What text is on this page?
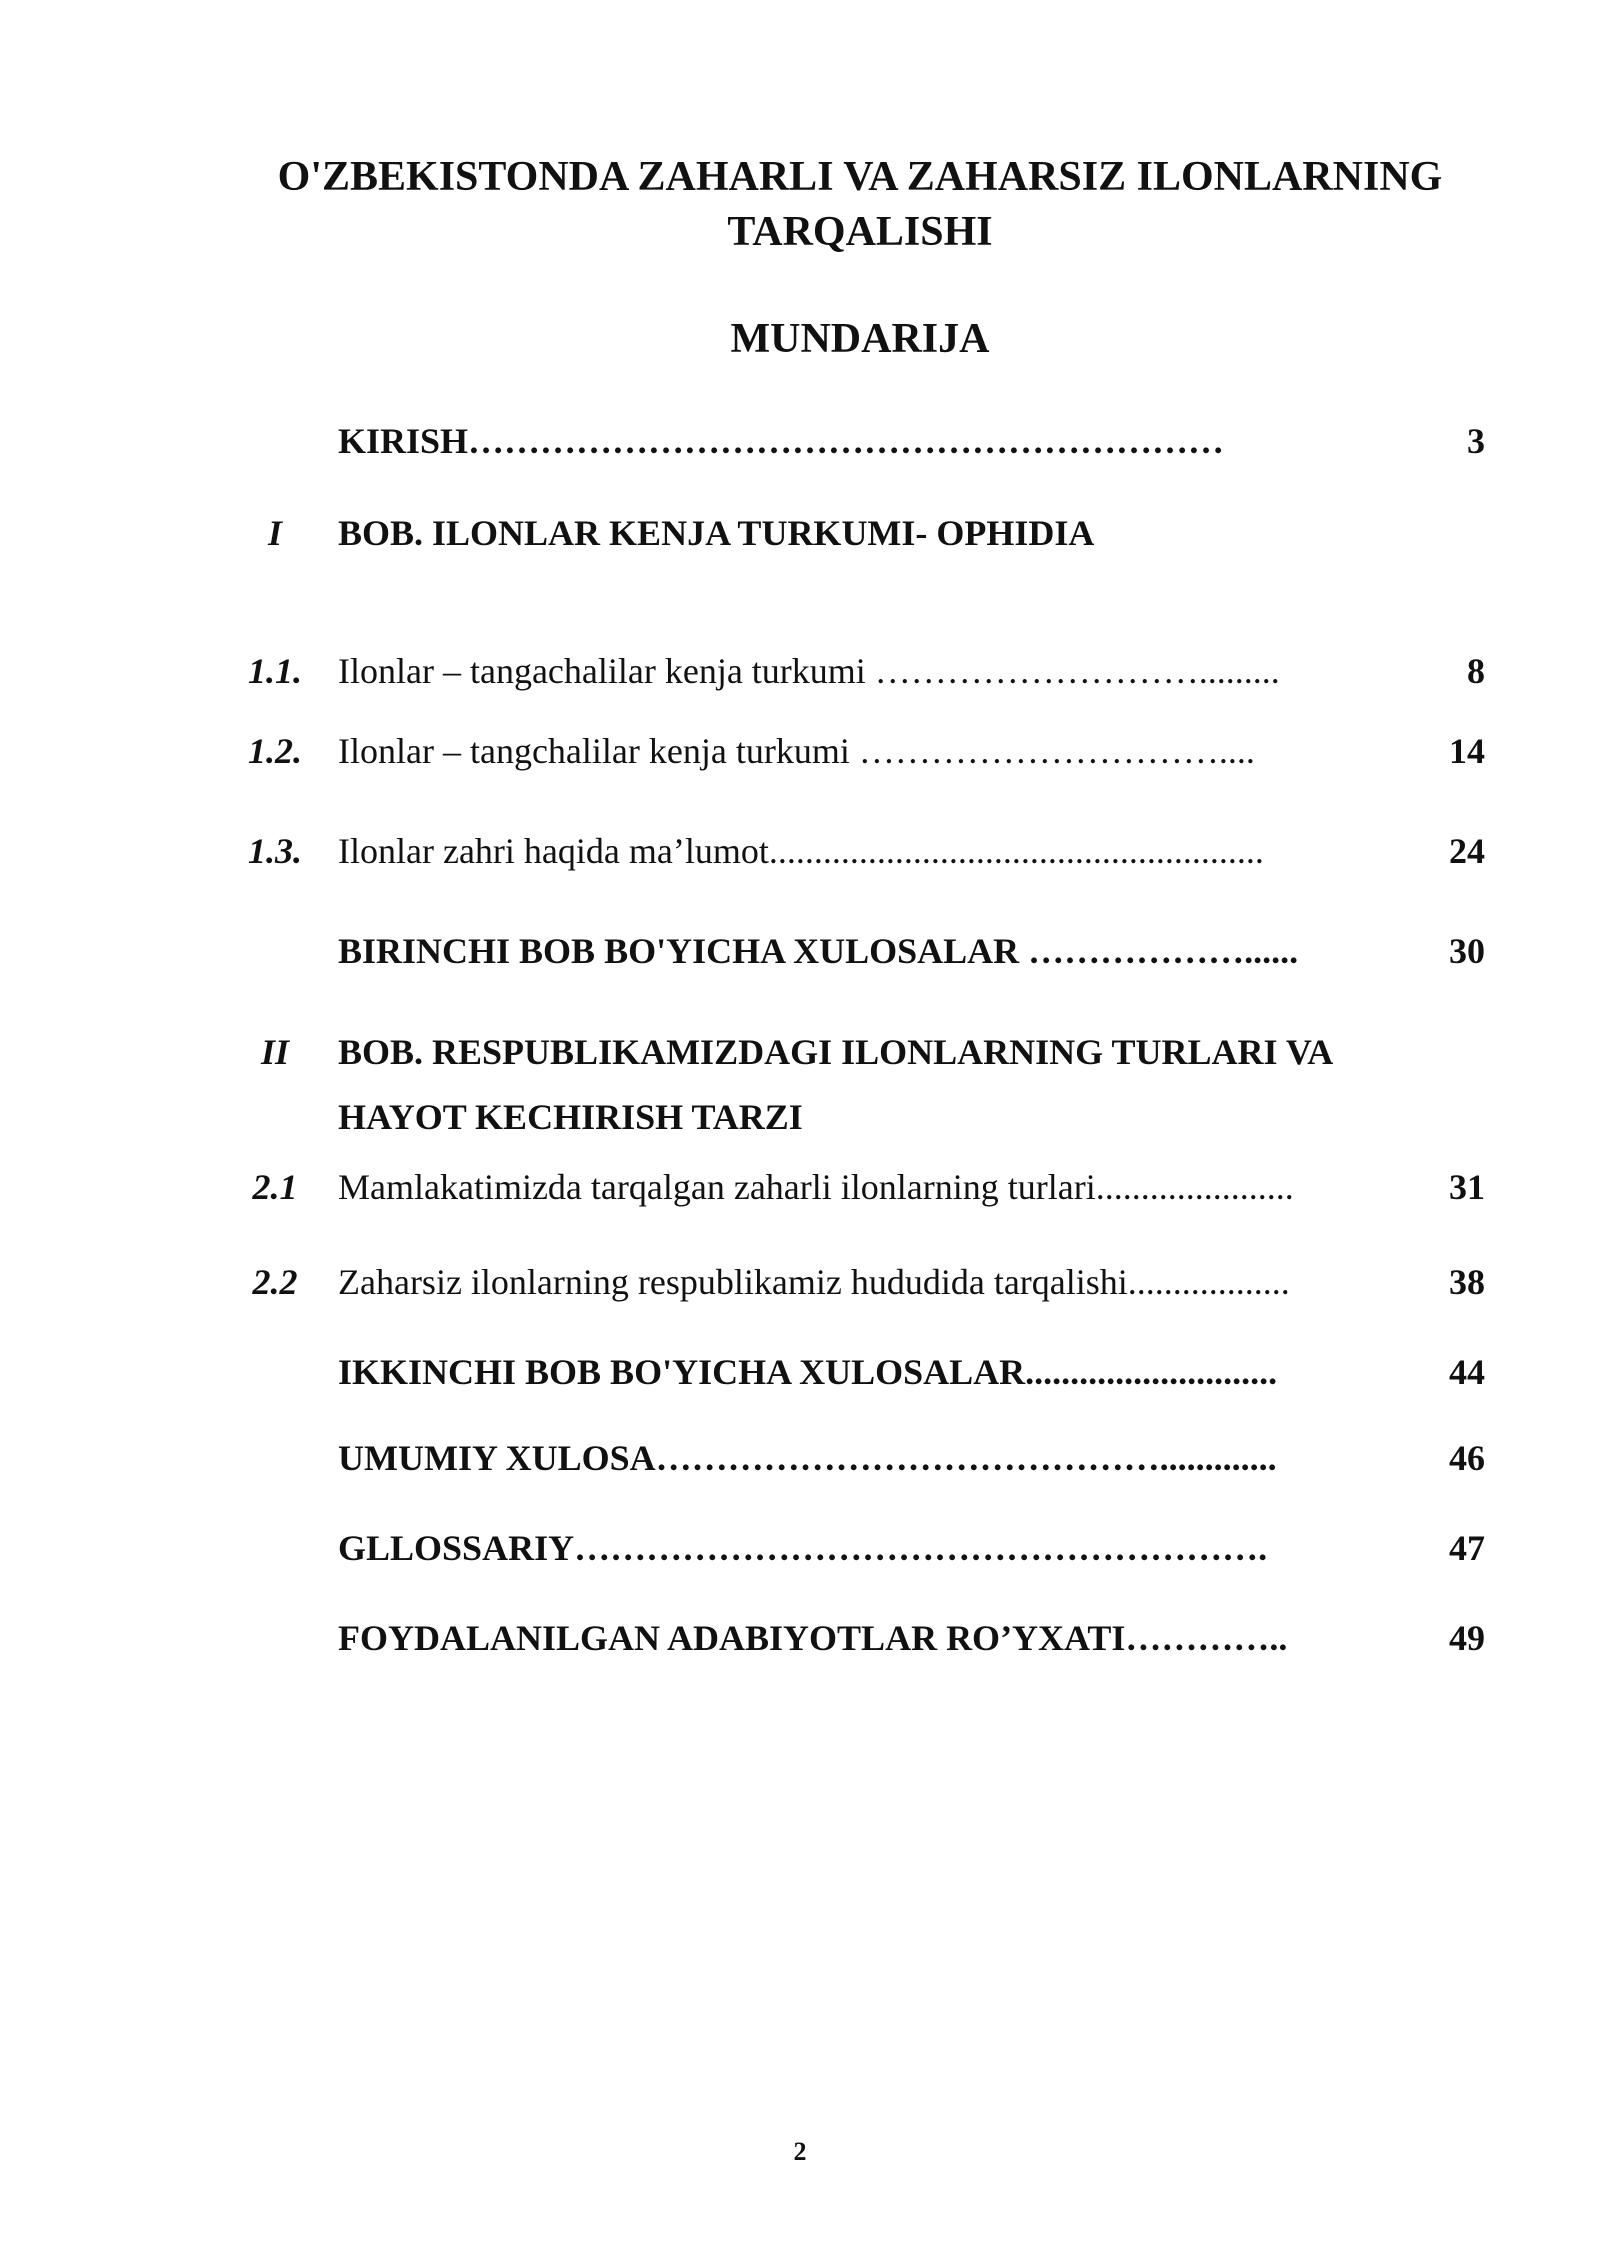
O'ZBEKISTONDA ZAHARLI VA ZAHARSIZ ILONLARNING
TARQALISHI
MUNDARIJA
KIRISH………………………………………………………	3
I	BOB. ILONLAR KENJA TURKUMI- OPHIDIA
1.1.	Ilonlar – tangachalilar kenja turkumi ……………………….........	8
1.2.	Ilonlar – tangchalilar kenja turkumi …………………………....	14
1.3.	Ilonlar zahri haqida ma’lumot.......................................................	24
BIRINCHI BOB BO'YICHA XULOSALAR ………………......	30
II	BOB. RESPUBLIKAMIZDAGI ILONLARNING TURLARI VA HAYOT KECHIRISH TARZI
2.1	Mamlakatimizda tarqalgan zaharli ilonlarning turlari......................	31
2.2	Zaharsiz ilonlarning respublikamiz hududida tarqalishi..................	38
IKKINCHI BOB BO'YICHA XULOSALAR............................	44
UMUMIY XULOSA…………………………………….............	46
GLLOSSARIY………………………………………………….	47
FOYDALANILGAN ADABIYOTLAR RO’YXATI…………..	49
2
